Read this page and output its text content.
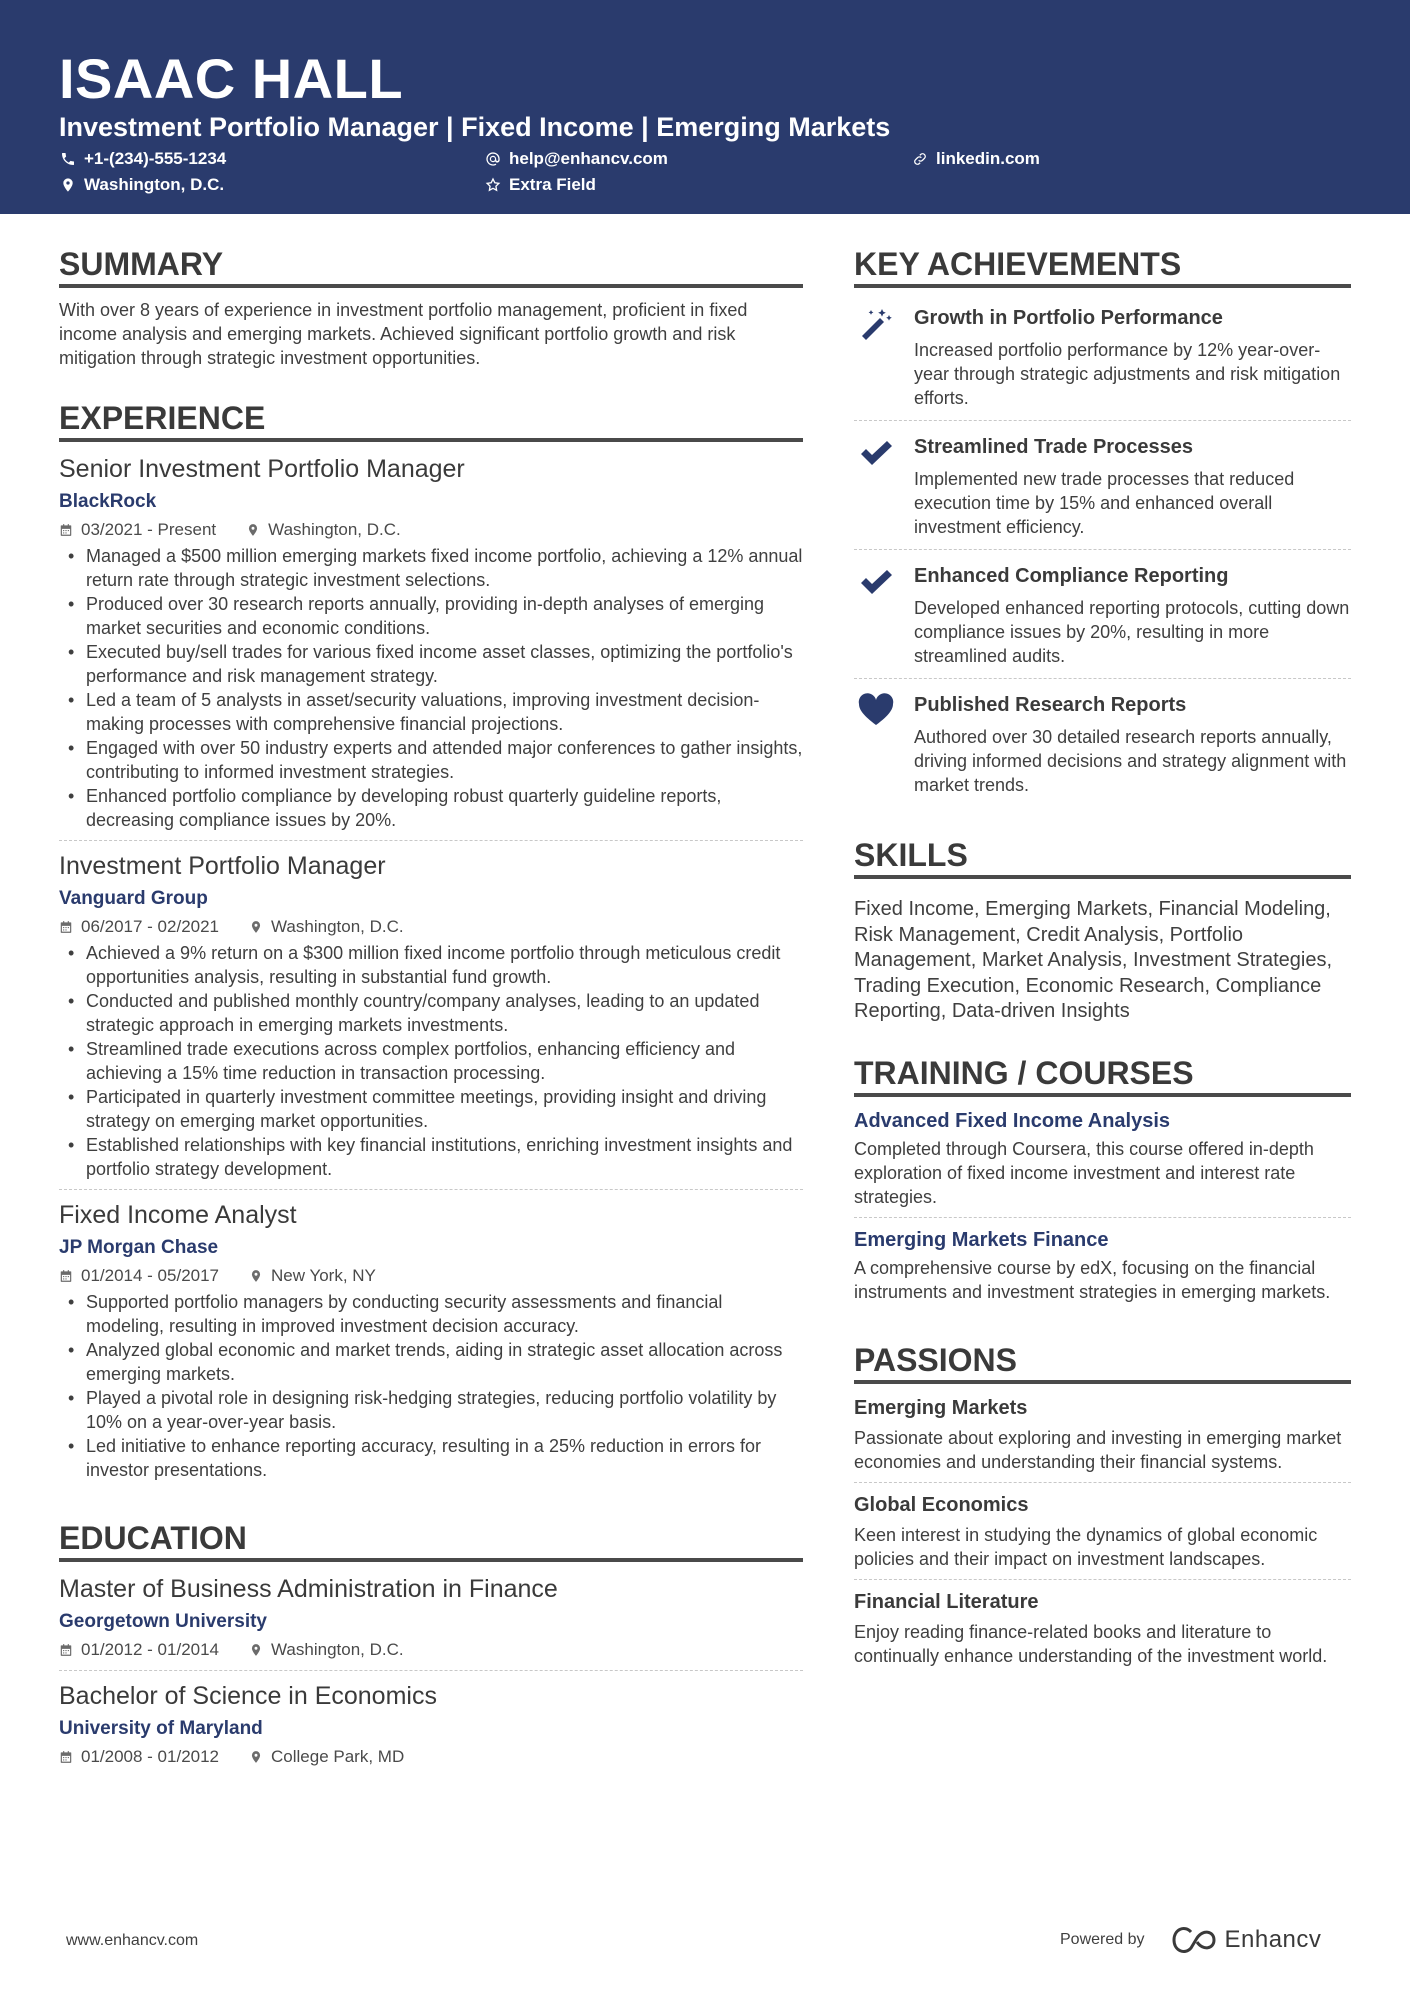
ISAAC HALL
Investment Portfolio Manager | Fixed Income | Emerging Markets
+1-(234)-555-1234	help@enhancv.com	linkedin.com
Washington, D.C.	Extra Field
SUMMARY
With over 8 years of experience in investment portfolio management, proficient in fixed income analysis and emerging markets. Achieved significant portfolio growth and risk mitigation through strategic investment opportunities.
EXPERIENCE
Senior Investment Portfolio Manager
BlackRock
03/2021 - Present	Washington, D.C.
• Managed a $500 million emerging markets fixed income portfolio, achieving a 12% annual return rate through strategic investment selections.
• Produced over 30 research reports annually, providing in-depth analyses of emerging market securities and economic conditions.
• Executed buy/sell trades for various fixed income asset classes, optimizing the portfolio's performance and risk management strategy.
• Led a team of 5 analysts in asset/security valuations, improving investment decision-making processes with comprehensive financial projections.
• Engaged with over 50 industry experts and attended major conferences to gather insights, contributing to informed investment strategies.
• Enhanced portfolio compliance by developing robust quarterly guideline reports, decreasing compliance issues by 20%.
Investment Portfolio Manager
Vanguard Group
06/2017 - 02/2021	Washington, D.C.
• Achieved a 9% return on a $300 million fixed income portfolio through meticulous credit opportunities analysis, resulting in substantial fund growth.
• Conducted and published monthly country/company analyses, leading to an updated strategic approach in emerging markets investments.
• Streamlined trade executions across complex portfolios, enhancing efficiency and achieving a 15% time reduction in transaction processing.
• Participated in quarterly investment committee meetings, providing insight and driving strategy on emerging market opportunities.
• Established relationships with key financial institutions, enriching investment insights and portfolio strategy development.
Fixed Income Analyst
JP Morgan Chase
01/2014 - 05/2017	New York, NY
• Supported portfolio managers by conducting security assessments and financial modeling, resulting in improved investment decision accuracy.
• Analyzed global economic and market trends, aiding in strategic asset allocation across emerging markets.
• Played a pivotal role in designing risk-hedging strategies, reducing portfolio volatility by 10% on a year-over-year basis.
• Led initiative to enhance reporting accuracy, resulting in a 25% reduction in errors for investor presentations.
EDUCATION
Master of Business Administration in Finance
Georgetown University
01/2012 - 01/2014	Washington, D.C.
Bachelor of Science in Economics
University of Maryland
01/2008 - 01/2012	College Park, MD
KEY ACHIEVEMENTS
Growth in Portfolio Performance
Increased portfolio performance by 12% year-over-year through strategic adjustments and risk mitigation efforts.
Streamlined Trade Processes
Implemented new trade processes that reduced execution time by 15% and enhanced overall investment efficiency.
Enhanced Compliance Reporting
Developed enhanced reporting protocols, cutting down compliance issues by 20%, resulting in more streamlined audits.
Published Research Reports
Authored over 30 detailed research reports annually, driving informed decisions and strategy alignment with market trends.
SKILLS
Fixed Income, Emerging Markets, Financial Modeling, Risk Management, Credit Analysis, Portfolio Management, Market Analysis, Investment Strategies, Trading Execution, Economic Research, Compliance Reporting, Data-driven Insights
TRAINING / COURSES
Advanced Fixed Income Analysis
Completed through Coursera, this course offered in-depth exploration of fixed income investment and interest rate strategies.
Emerging Markets Finance
A comprehensive course by edX, focusing on the financial instruments and investment strategies in emerging markets.
PASSIONS
Emerging Markets
Passionate about exploring and investing in emerging market economies and understanding their financial systems.
Global Economics
Keen interest in studying the dynamics of global economic policies and their impact on investment landscapes.
Financial Literature
Enjoy reading finance-related books and literature to continually enhance understanding of the investment world.
www.enhancv.com	Powered by	Enhancv
